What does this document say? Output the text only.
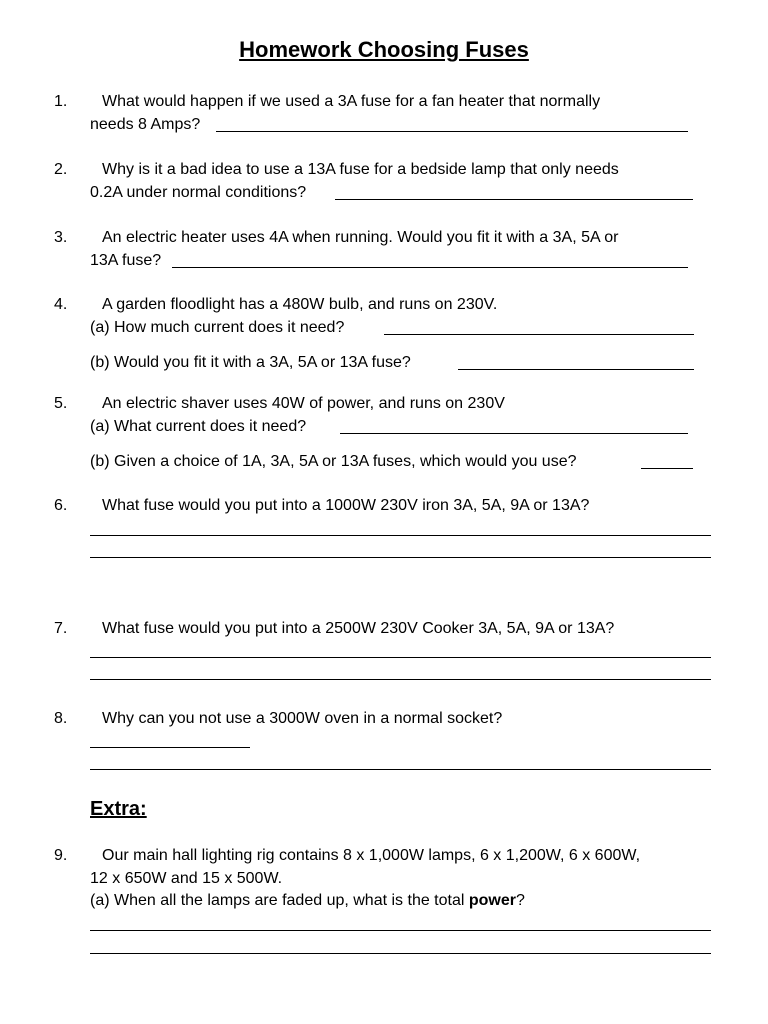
Homework Choosing Fuses
1. What would happen if we used a 3A fuse for a fan heater that normally
needs 8 Amps?
2. Why is it a bad idea to use a 13A fuse for a bedside lamp that only needs
0.2A under normal conditions?
3. An electric heater uses 4A when running. Would you fit it with a 3A, 5A or
13A fuse?
4. A garden floodlight has a 480W bulb, and runs on 230V.
(a) How much current does it need?
(b) Would you fit it with a 3A, 5A or 13A fuse?
5. An electric shaver uses 40W of power, and runs on 230V
(a) What current does it need?
(b) Given a choice of 1A, 3A, 5A or 13A fuses, which would you use?
6. What fuse would you put into a 1000W 230V iron 3A, 5A, 9A or 13A?
7. What fuse would you put into a 2500W 230V Cooker 3A, 5A, 9A or 13A?
8. Why can you not use a 3000W oven in a normal socket?
Extra:
9. Our main hall lighting rig contains 8 x 1,000W lamps, 6 x 1,200W, 6 x 600W,
12 x 650W and 15 x 500W.
(a) When all the lamps are faded up, what is the total power?
